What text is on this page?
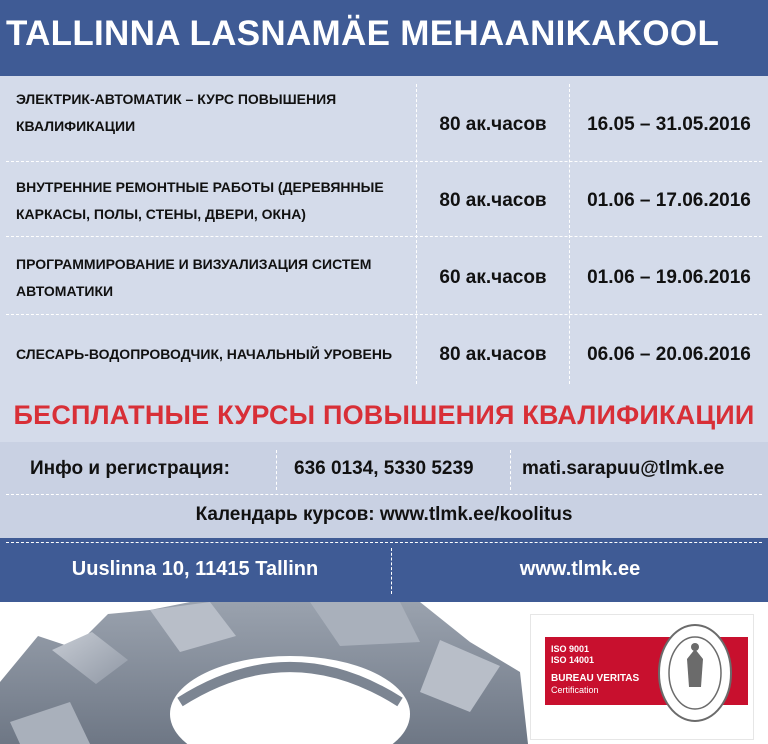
TALLINNA LASNAMÄE MEHAANIKAKOOL
ЭЛЕКТРИК-АВТОМАТИК – КУРС ПОВЫШЕНИЯ
КВАЛИФИКАЦИИ	80 ак.часов	16.05 – 31.05.2016
ВНУТРЕННИЕ РЕМОНТНЫЕ РАБОТЫ (ДЕРЕВЯННЫЕ
КАРКАСЫ, ПОЛЫ, СТЕНЫ, ДВЕРИ, ОКНА)
80 ак.часов	01.06 – 17.06.2016
ПРОГРАММИРОВАНИЕ И ВИЗУАЛИЗАЦИЯ СИСТЕМ
АВТОМАТИКИ
60 ак.часов	01.06 – 19.06.2016
СЛЕСАРЬ-ВОДОПРОВОДЧИК, НАЧАЛЬНЫЙ УРОВЕНЬ	80 ак.часов	06.06 – 20.06.2016
БЕСПЛАТНЫЕ КУРСЫ ПОВЫШЕНИЯ КВАЛИФИКАЦИИ
Инфо и регистрация:	636 0134, 5330 5239	mati.sarapuu@tlmk.ee
Календарь курсов: www.tlmk.ee/koolitus
Uuslinna 10, 11415 Tallinn	www.tlmk.ee
ISO 9001
ISO 14001
BUREAU VERITAS
Certification
